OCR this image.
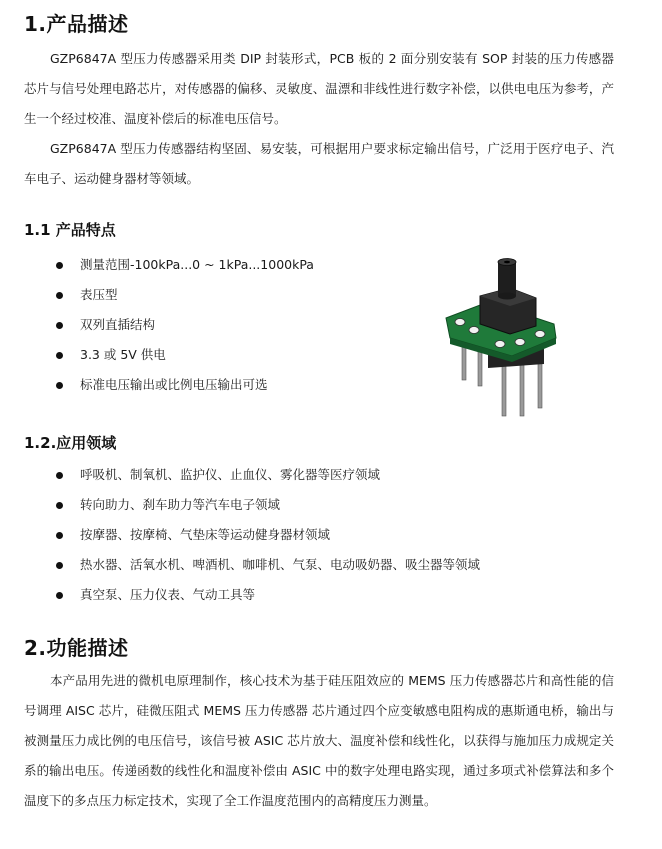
1.产品描述

GZP6847A 型压力传感器采用类 DIP 封装形式，PCB 板的 2 面分别安装有 SOP 封装的压力传感器芯片与信号处理电路芯片，对传感器的偏移、灵敏度、温漂和非线性进行数字补偿，以供电电压为参考，产生一个经过校准、温度补偿后的标准电压信号。

GZP6847A 型压力传感器结构坚固、易安装，可根据用户要求标定输出信号，广泛用于医疗电子、汽车电子、运动健身器材等领域。

1.1 产品特点
测量范围-100kPa...0 ~ 1kPa...1000kPa
表压型
双列直插结构
3.3 或 5V 供电
标准电压输出或比例电压输出可选
1.2.应用领域
呼吸机、制氧机、监护仪、止血仪、雾化器等医疗领域
转向助力、刹车助力等汽车电子领域
按摩器、按摩椅、气垫床等运动健身器材领域
热水器、活氧水机、啤酒机、咖啡机、气泵、电动吸奶器、吸尘器等领域
真空泵、压力仪表、气动工具等
2.功能描述

本产品用先进的微机电原理制作，核心技术为基于硅压阻效应的 MEMS 压力传感器芯片和高性能的信号调理 AISC 芯片，硅微压阻式 MEMS 压力传感器 芯片通过四个应变敏感电阻构成的惠斯通电桥，输出与被测量压力成比例的电压信号，该信号被 ASIC 芯片放大、温度补偿和线性化，以获得与施加压力成规定关系的输出电压。传递函数的线性化和温度补偿由 ASIC 中的数字处理电路实现，通过多项式补偿算法和多个温度下的多点压力标定技术，实现了全工作温度范围内的高精度压力测量。
